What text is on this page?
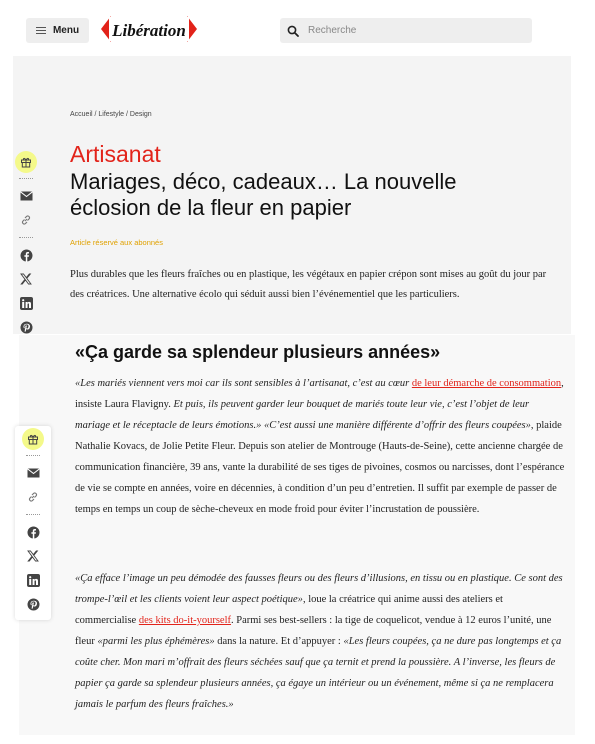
Menu Libération	Recherche
Accueil / Lifestyle / Design
Artisanat
Mariages, déco, cadeaux… La nouvelle éclosion de la fleur en papier
Article réservé aux abonnés
Plus durables que les fleurs fraîches ou en plastique, les végétaux en papier crépon sont mises au goût du jour par des créatrices. Une alternative écolo qui séduit aussi bien l’événementiel que les particuliers.
«Ça garde sa splendeur plusieurs années»
«Les mariés viennent vers moi car ils sont sensibles à l’artisanat, c’est au cœur de leur démarche de consommation, insiste Laura Flavigny. Et puis, ils peuvent garder leur bouquet de mariés toute leur vie, c’est l’objet de leur mariage et le réceptacle de leurs émotions.» «C’est aussi une manière différente d’offrir des fleurs coupées», plaide Nathalie Kovacs, de Jolie Petite Fleur. Depuis son atelier de Montrouge (Hauts-de-Seine), cette ancienne chargée de communication financière, 39 ans, vante la durabilité de ses tiges de pivoines, cosmos ou narcisses, dont l’espérance de vie se compte en années, voire en décennies, à condition d’un peu d’entretien. Il suffit par exemple de passer de temps en temps un coup de sèche-cheveux en mode froid pour éviter l’incrustation de poussière.
«Ça efface l’image un peu démodée des fausses fleurs ou des fleurs d’illusions, en tissu ou en plastique. Ce sont des trompe-l’œil et les clients voient leur aspect poétique», loue la créatrice qui anime aussi des ateliers et commercialise des kits do-it-yourself. Parmi ses best-sellers : la tige de coquelicot, vendue à 12 euros l’unité, une fleur «parmi les plus éphémères» dans la nature. Et d’appuyer : «Les fleurs coupées, ça ne dure pas longtemps et ça coûte cher. Mon mari m’offrait des fleurs séchées sauf que ça ternit et prend la poussière. A l’inverse, les fleurs de papier ça garde sa splendeur plusieurs années, ça égaye un intérieur ou un événement, même si ça ne remplacera jamais le parfum des fleurs fraîches.»
